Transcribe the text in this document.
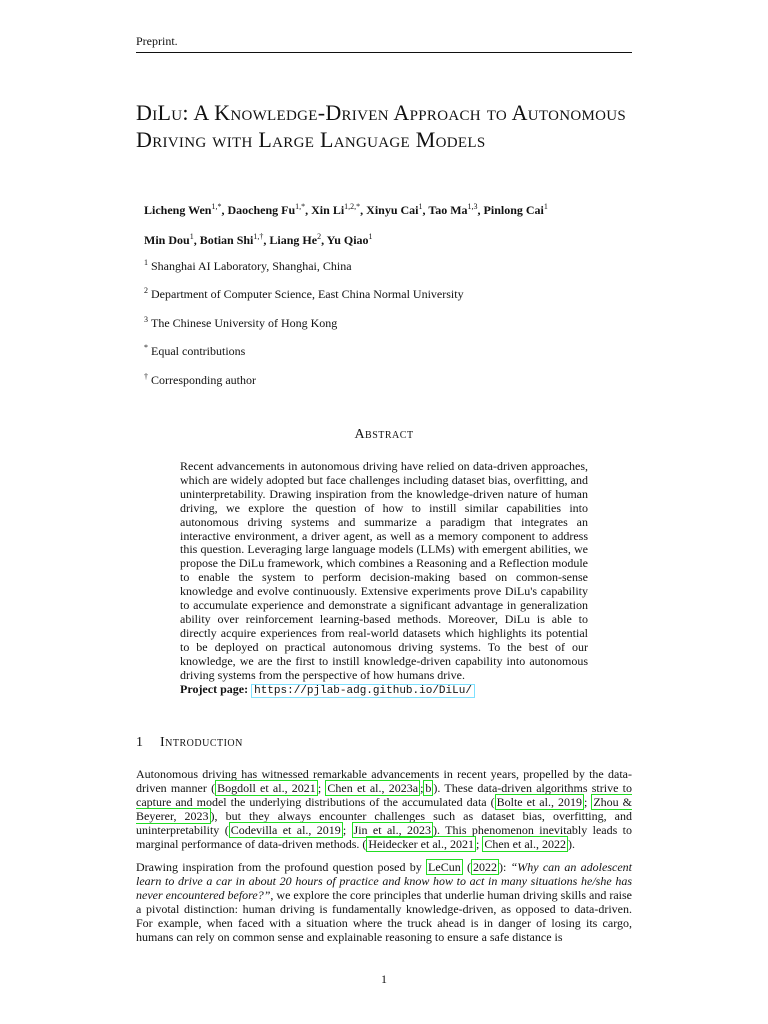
Preprint.
DiLu: A Knowledge-Driven Approach to Autonomous Driving with Large Language Models
Licheng Wen$^{1,*}$, Daocheng $Fu^{1,*}$, Xin $Li^{1,2,*}$, Xinyu Cai$^1$, Tao Ma$^{1,3}$, Pinlong Cai$^1$
Min Dou$^1$, Botian Shi$^{1,\dagger}$, Liang He$^2$, Yu Qiao$^1$
$^1$ Shanghai AI Laboratory, Shanghai, China
$^2$ Department of Computer Science, East China Normal University
$^3$ The Chinese University of Hong Kong
* Equal contributions
† Corresponding author
Abstract

Recent advancements in autonomous driving have relied on data-driven approaches, which are widely adopted but face challenges including dataset bias, overfitting, and uninterpretability. Drawing inspiration from the knowledge-driven nature of human driving, we explore the question of how to instill similar capabilities into autonomous driving systems and summarize a paradigm that integrates an interactive environment, a driver agent, as well as a memory component to address this question. Leveraging large language models (LLMs) with emergent abilities, we propose the DiLu framework, which combines a Reasoning and a Reflection module to enable the system to perform decision-making based on common-sense knowledge and evolve continuously. Extensive experiments prove DiLu's capability to accumulate experience and demonstrate a significant advantage in generalization ability over reinforcement learning-based methods. Moreover, DiLu is able to directly acquire experiences from real-world datasets which highlights its potential to be deployed on practical autonomous driving systems. To the best of our knowledge, we are the first to instill knowledge-driven capability into autonomous driving systems from the perspective of how humans drive.

Project page: https://pjlab-adg.github.io/DiLu/

1 Introduction

Autonomous driving has witnessed remarkable advancements in recent years, propelled by the data-driven manner ( Bogdoll et al., 2021 ; Chen et al., 2023a ; b ). These data-driven algorithms strive to capture and model the underlying distributions of the accumulated data ( Bolte et al., 2019 ; Zhou & Beyerer, 2023 ), but they always encounter challenges such as dataset bias, overfitting, and uninterpretability ( Codevilla et al., 2019 ; Jin et al., 2023 ). This phenomenon inevitably leads to marginal performance of data-driven methods. ( Heidecker et al., 2021 ; Chen et al., 2022 ).

Drawing inspiration from the profound question posed by LeCun ( 2022 ): “Why can an adolescent learn to drive a car in about 20 hours of practice and know how to act in many situations he/she has never encountered before?”, we explore the core principles that underlie human driving skills and raise a pivotal distinction: human driving is fundamentally knowledge-driven, as opposed to data-driven. For example, when faced with a situation where the truck ahead is in danger of losing its cargo, humans can rely on common sense and explainable reasoning to ensure a safe distance is

1
